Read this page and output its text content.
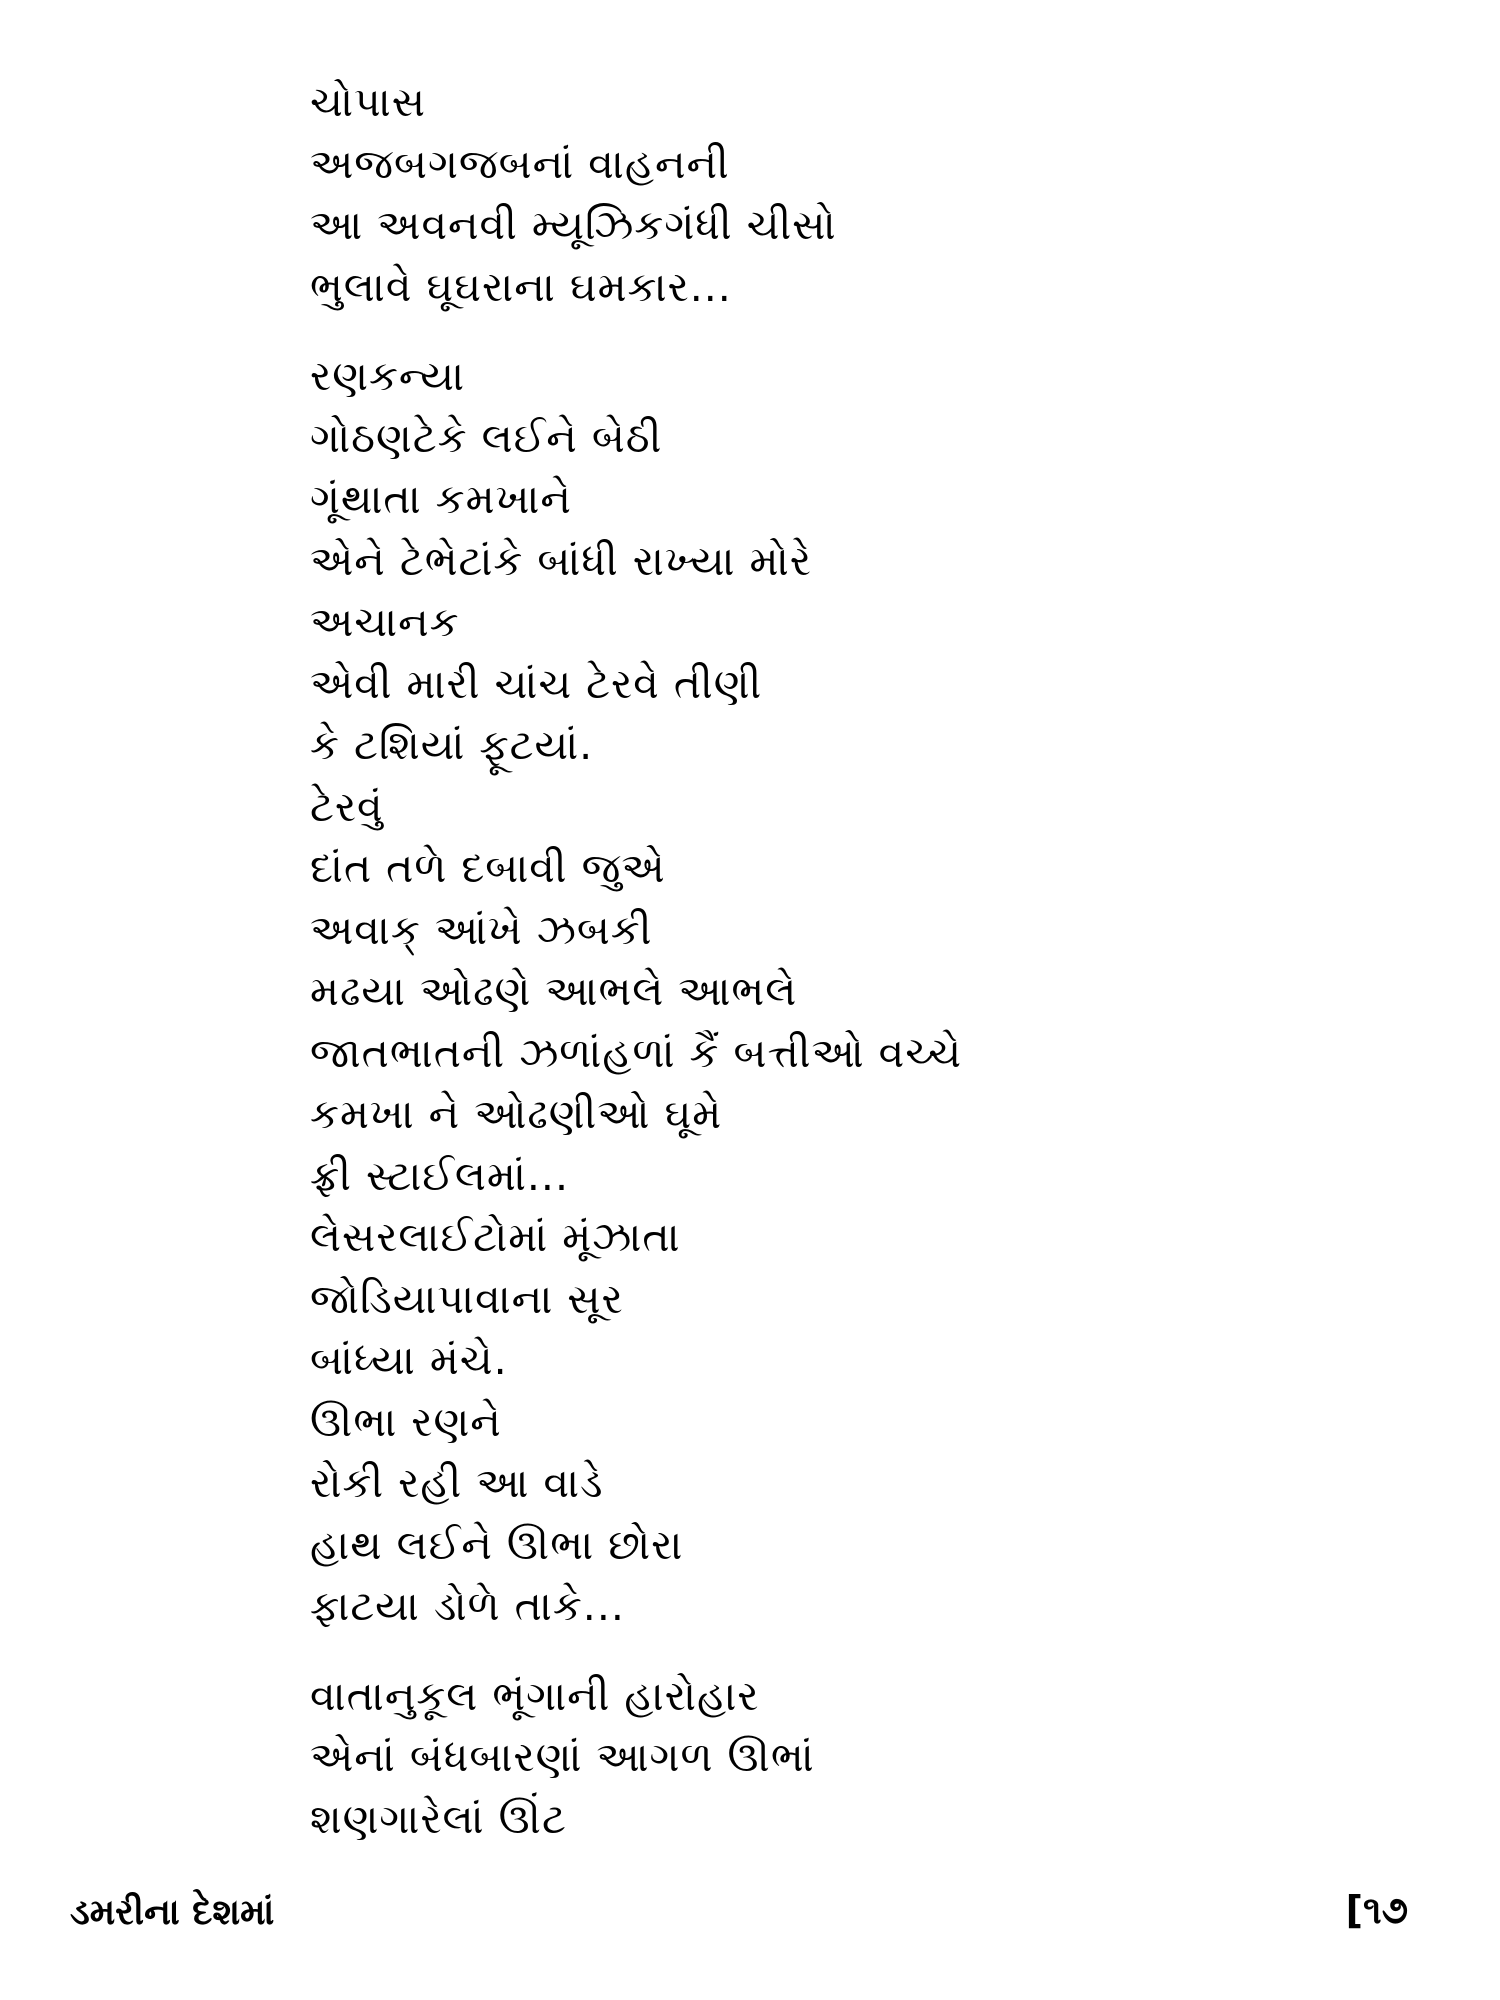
ચોપાસ
અજબગજબનાં વાહનની
આ અવનવી મ્યૂઝિકગંધી ચીસો
ભુલાવે ઘૂઘરાના ઘમકાર...
રણકન્યા
ગોઠણટેકે લઈને બેઠી
ગૂંથાતા કમખાને
એને ટેભેટાંકે બાંધી રાખ્યા મોરે
અચાનક
એવી મારી ચાંચ ટેરવે તીણી
કે ટશિયાં ફૂટયાં.
ટેરવું
દાંત તળે દબાવી જુએ
અવાક્ આંખે ઝબકી
મઢયા ઓઢણે આભલે આભલે
જાતભાતની ઝળાંહળાં કૈં બત્તીઓ વચ્ચે
કમખા ને ઓઢણીઓ ઘૂમે
ફ્રી સ્ટાઈલમાં...
લેસરલાઈટોમાં મૂંઝાતા
જોડિયાપાવાના સૂર
બાંધ્યા મંચે.
ઊભા રણને
રોકી રહી આ વાડે
હાથ લઈને ઊભા છોરા
ફાટયા ડોળે તાકે...
વાતાનુકૂલ ભૂંગાની હારોહાર
એનાં બંધબારણાં આગળ ઊભાં
શણગારેલાં ઊંટ
ડમરીના દેશમાં	[૧૭
